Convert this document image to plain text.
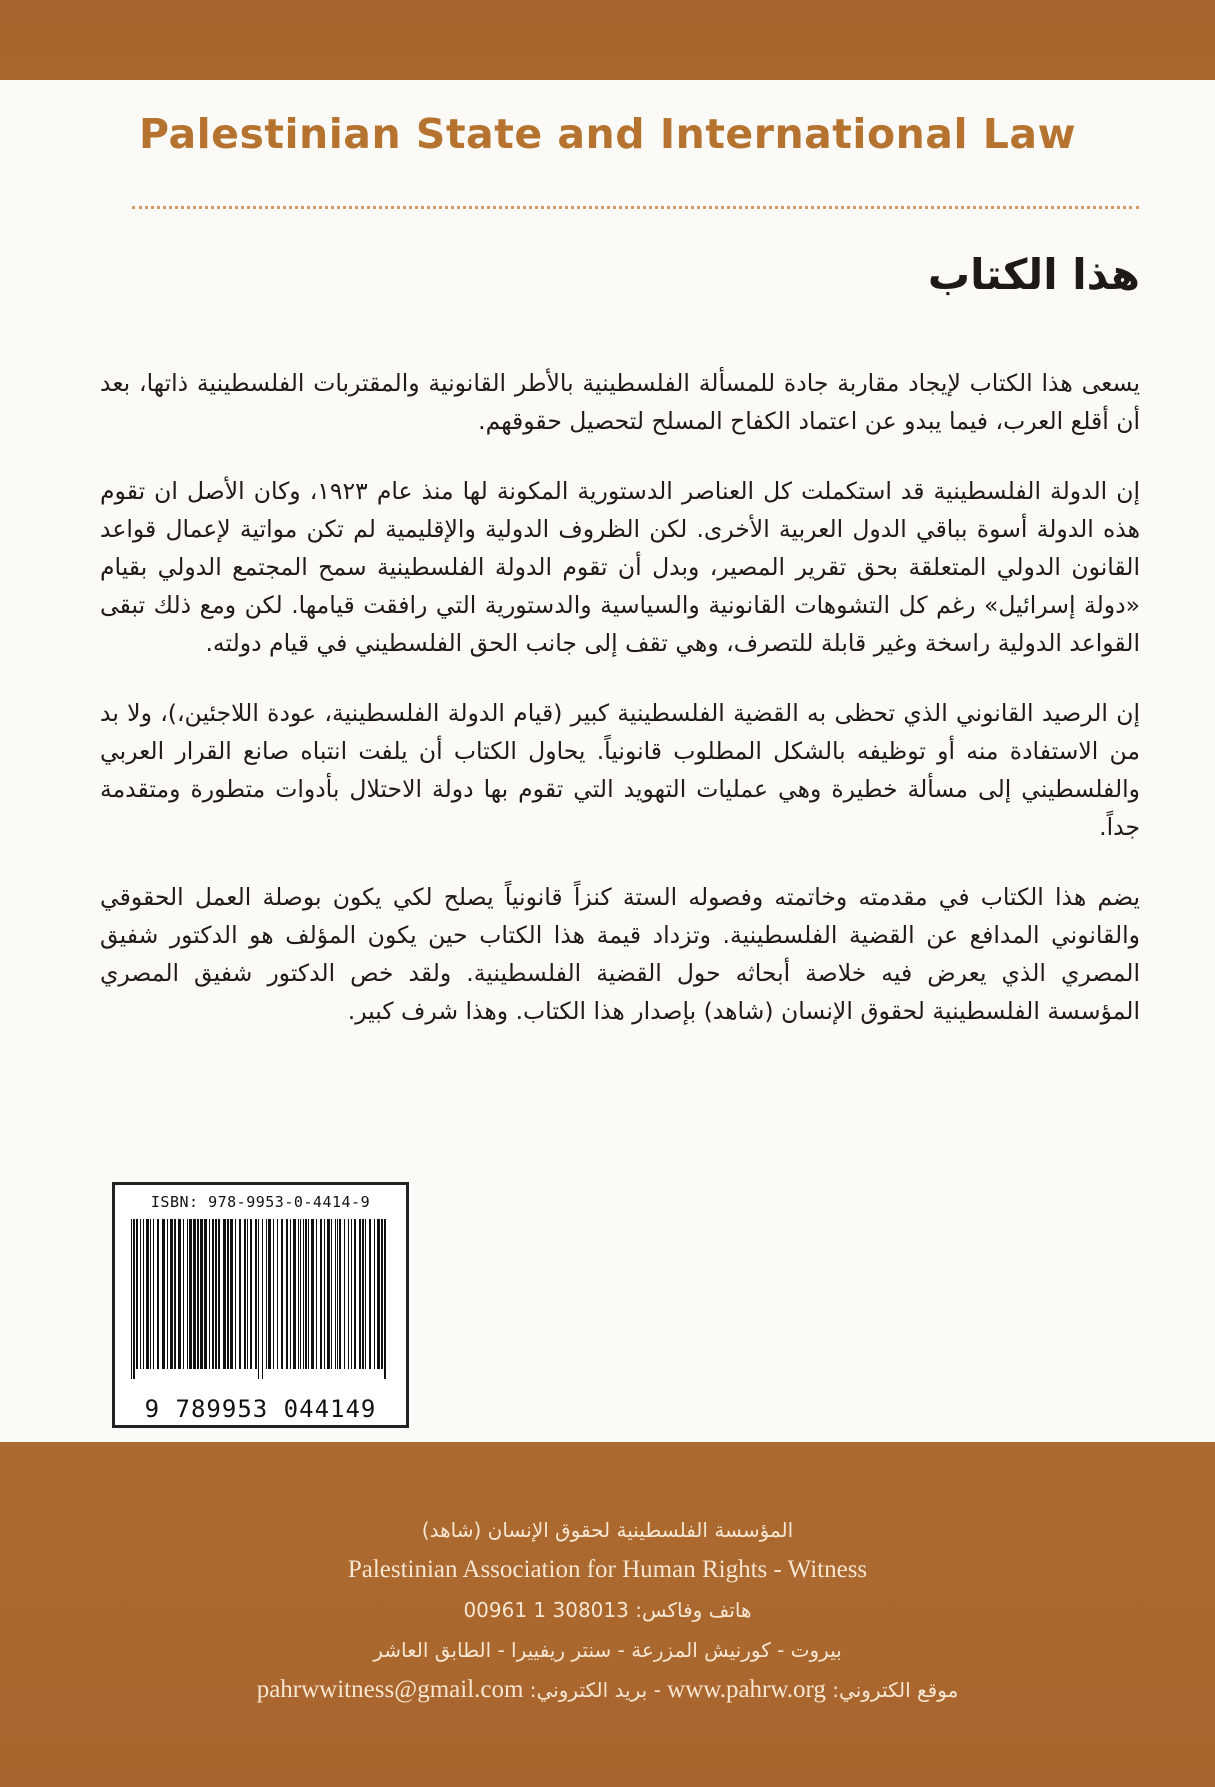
Palestinian State and International Law
هذا الكتاب

يسعى هذا الكتاب لإيجاد مقاربة جادة للمسألة الفلسطينية بالأطر القانونية والمقتربات الفلسطينية ذاتها، بعد أن أقلع العرب، فيما يبدو عن اعتماد الكفاح المسلح لتحصيل حقوقهم.

إن الدولة الفلسطينية قد استكملت كل العناصر الدستورية المكونة لها منذ عام ١٩٢٣، وكان الأصل ان تقوم هذه الدولة أسوة بباقي الدول العربية الأخرى. لكن الظروف الدولية والإقليمية لم تكن مواتية لإعمال قواعد القانون الدولي المتعلقة بحق تقرير المصير، وبدل أن تقوم الدولة الفلسطينية سمح المجتمع الدولي بقيام «دولة إسرائيل» رغم كل التشوهات القانونية والسياسية والدستورية التي رافقت قيامها. لكن ومع ذلك تبقى القواعد الدولية راسخة وغير قابلة للتصرف، وهي تقف إلى جانب الحق الفلسطيني في قيام دولته.

إن الرصيد القانوني الذي تحظى به القضية الفلسطينية كبير (قيام الدولة الفلسطينية، عودة اللاجئين،)، ولا بد من الاستفادة منه أو توظيفه بالشكل المطلوب قانونياً. يحاول الكتاب أن يلفت انتباه صانع القرار العربي والفلسطيني إلى مسألة خطيرة وهي عمليات التهويد التي تقوم بها دولة الاحتلال بأدوات متطورة ومتقدمة جداً.

يضم هذا الكتاب في مقدمته وخاتمته وفصوله الستة كنزاً قانونياً يصلح لكي يكون بوصلة العمل الحقوقي والقانوني المدافع عن القضية الفلسطينية. وتزداد قيمة هذا الكتاب حين يكون المؤلف هو الدكتور شفيق المصري الذي يعرض فيه خلاصة أبحاثه حول القضية الفلسطينية. ولقد خص الدكتور شفيق المصري المؤسسة الفلسطينية لحقوق الإنسان (شاهد) بإصدار هذا الكتاب. وهذا شرف كبير.

ISBN: 978-9953-0-4414-9
9 789953 044149
المؤسسة الفلسطينية لحقوق الإنسان (شاهد)
Palestinian Association for Human Rights - Witness
هاتف وفاكس: 00961 1 308013
بيروت - كورنيش المزرعة - سنتر ريفييرا - الطابق العاشر
موقع الكتروني: www.pahrw.org - بريد الكتروني: pahrwwitness@gmail.com
